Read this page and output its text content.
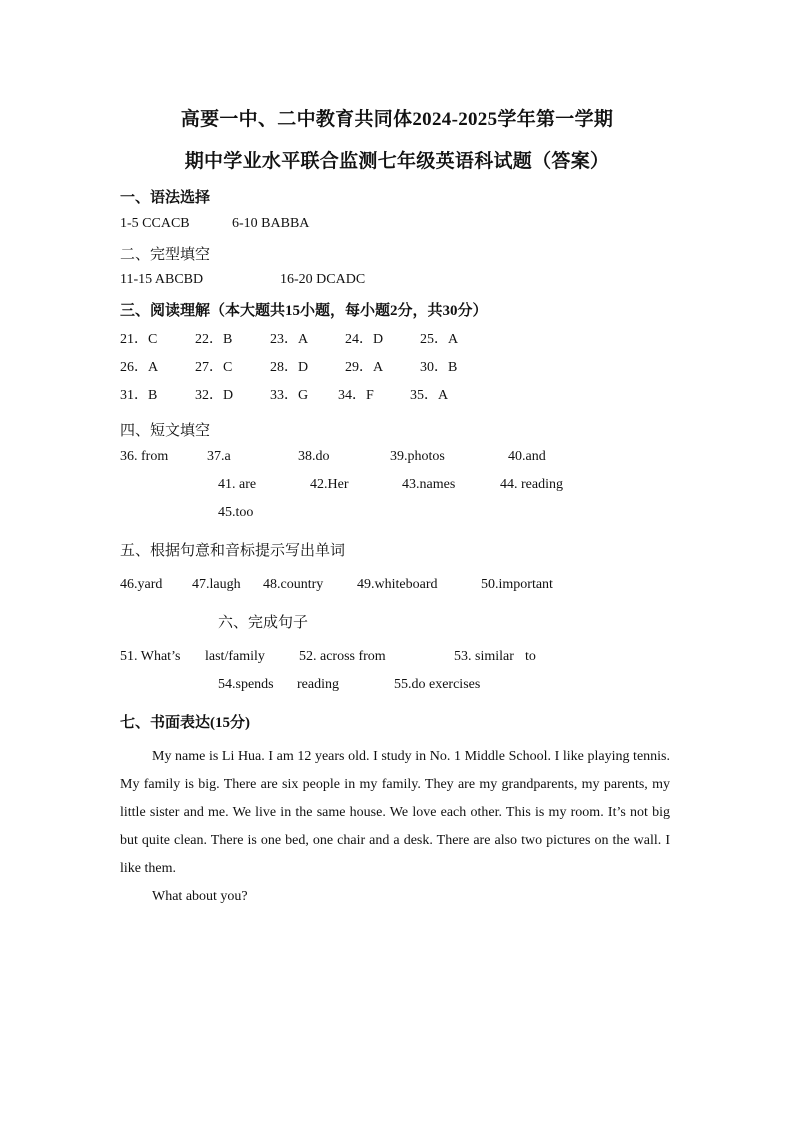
高要一中、二中教育共同体2024-2025学年第一学期
期中学业水平联合监测七年级英语科试题（答案）
一、语法选择
1-5 CCACB	6-10 BABBA
二、完型填空
11-15 ABCBD	16-20 DCADC
三、阅读理解（本大题共15小题，每小题2分，共30分）
21．C	22．B	23．A	24．D	25．A
26．A	27．C	28．D	29．A	30．B
31．B	32．D	33．G 34．F	35．A
四、短文填空
36. from	37.a	38.do	39.photos	40.and
41. are	42.Her	43.names	44. reading
45.too
五、根据句意和音标提示写出单词
46.yard 47.laugh 48.country 49.whiteboard	50.important
六、完成句子
51. What’s last/family 52. across from	53. similar to
54.spends reading	55.do exercises
七、书面表达(15分)

My name is Li Hua. I am 12 years old. I study in No. 1 Middle School. I like playing tennis. My family is big. There are six people in my family. They are my grandparents, my parents, my little sister and me. We live in the same house. We love each other. This is my room. It’s not big but quite clean. There is one bed, one chair and a desk. There are also two pictures on the wall. I like them.

What about you?
